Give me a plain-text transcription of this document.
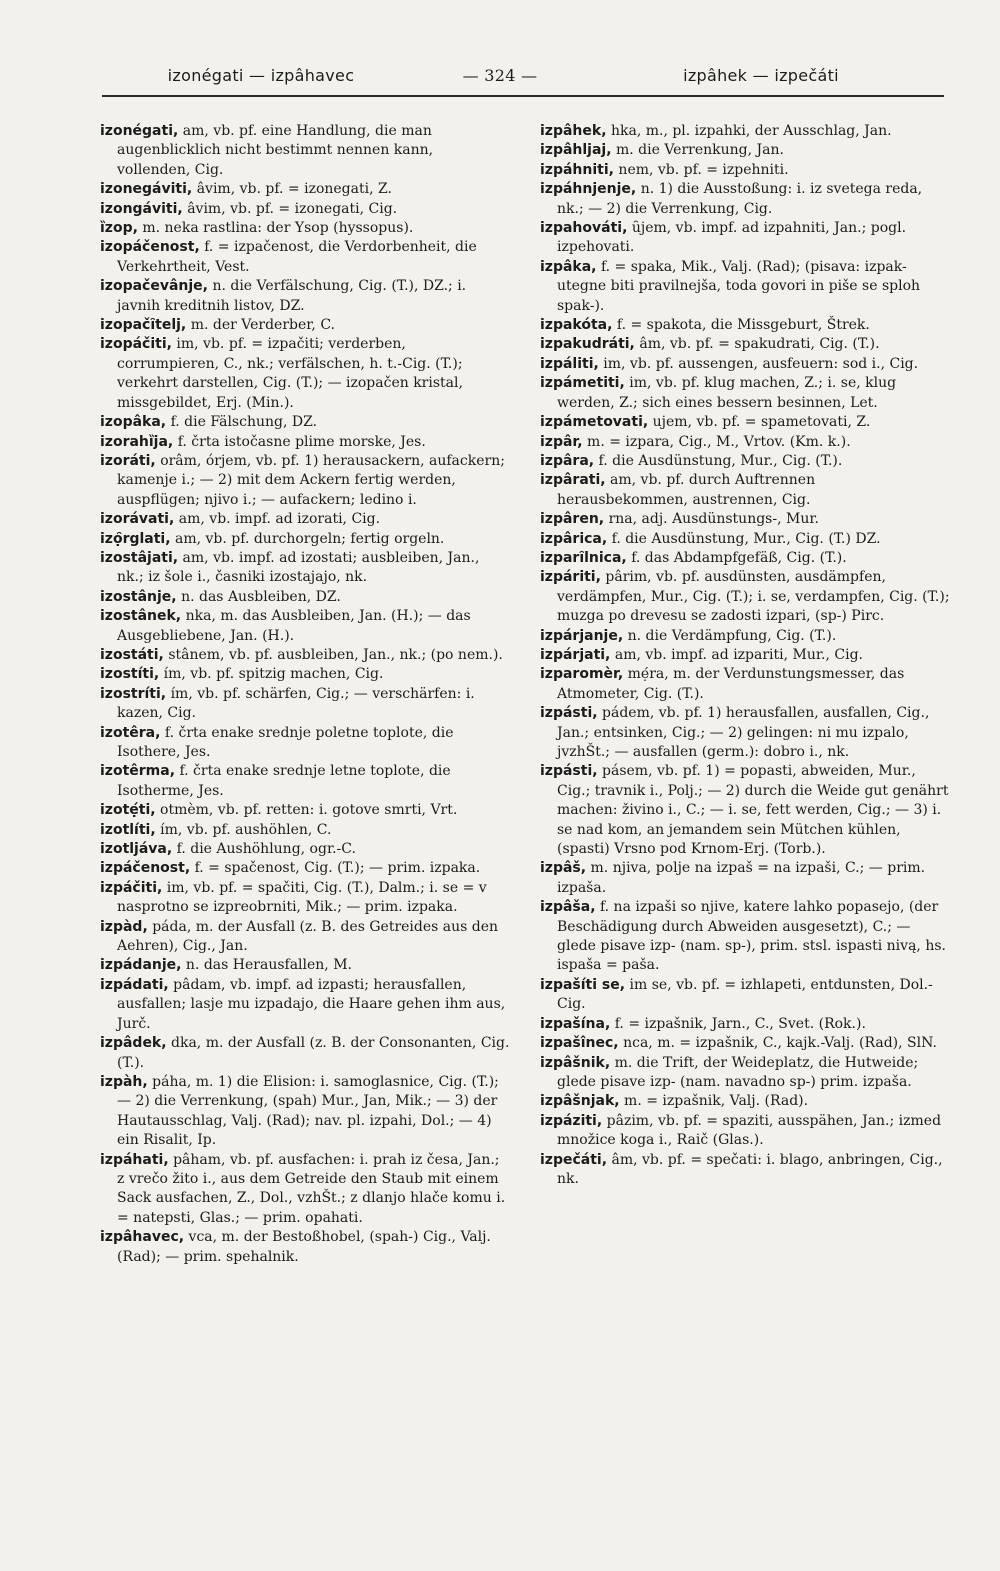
izonégati — izpâhavec	— 324 —	izpâhek — izpečáti

izonégati, am, vb. pf. eine Handlung, die man augenblicklich nicht bestimmt nennen kann, vollenden, Cig.

izonegáviti, âvim, vb. pf. = izonegati, Z.

izongáviti, âvim, vb. pf. = izonegati, Cig.

ȉzop, m. neka rastlina: der Ysop (hyssopus).

izopáčenost, f. = izpačenost, die Verdorbenheit, die Verkehrtheit, Vest.

izopačevânje, n. die Verfälschung, Cig. (T.), DZ.; i. javnih kreditnih listov, DZ.

izopačȋtelj, m. der Verderber, C.

izopáčiti, im, vb. pf. = izpačiti; verderben, corrumpieren, C., nk.; verfälschen, h. t.-Cig. (T.); verkehrt darstellen, Cig. (T.); — izopačen kristal, missgebildet, Erj. (Min.).

izopâka, f. die Fälschung, DZ.

izorahȉja, f. črta istočasne plime morske, Jes.

izoráti, orâm, órjem, vb. pf. 1) herausackern, aufackern; kamenje i.; — 2) mit dem Ackern fertig werden, auspflügen; njivo i.; — aufackern; ledino i.

izorávati, am, vb. impf. ad izorati, Cig.

izọ̑rglati, am, vb. pf. durchorgeln; fertig orgeln.

izostâjati, am, vb. impf. ad izostati; ausbleiben, Jan., nk.; iz šole i., časniki izostajajo, nk.

izostânje, n. das Ausbleiben, DZ.

izostânek, nka, m. das Ausbleiben, Jan. (H.); — das Ausgebliebene, Jan. (H.).

izostáti, stânem, vb. pf. ausbleiben, Jan., nk.; (po nem.).

izostíti, ím, vb. pf. spitzig machen, Cig.

izostríti, ím, vb. pf. schärfen, Cig.; — verschärfen: i. kazen, Cig.

izotêra, f. črta enake srednje poletne toplote, die Isothere, Jes.

izotêrma, f. črta enake srednje letne toplote, die Isotherme, Jes.

izotẹ́ti, otmèm, vb. pf. retten: i. gotove smrti, Vrt.

izotlíti, ím, vb. pf. aushöhlen, C.

izotljáva, f. die Aushöhlung, ogr.-C.

izpáčenost, f. = spačenost, Cig. (T.); — prim. izpaka.

izpáčiti, im, vb. pf. = spačiti, Cig. (T.), Dalm.; i. se = v nasprotno se izpreobrniti, Mik.; — prim. izpaka.

izpàd, páda, m. der Ausfall (z. B. des Getreides aus den Aehren), Cig., Jan.

izpádanje, n. das Herausfallen, M.

izpádati, pâdam, vb. impf. ad izpasti; herausfallen, ausfallen; lasje mu izpadajo, die Haare gehen ihm aus, Jurč.

izpâdek, dka, m. der Ausfall (z. B. der Consonanten, Cig. (T.).

izpàh, páha, m. 1) die Elision: i. samoglasnice, Cig. (T.); — 2) die Verrenkung, (spah) Mur., Jan, Mik.; — 3) der Hautausschlag, Valj. (Rad); nav. pl. izpahi, Dol.; — 4) ein Risalit, Ip.

izpáhati, pâham, vb. pf. ausfachen: i. prah iz česa, Jan.; z vrečo žito i., aus dem Getreide den Staub mit einem Sack ausfachen, Z., Dol., vzhŠt.; z dlanjo hlače komu i. = natepsti, Glas.; — prim. opahati.

izpâhavec, vca, m. der Bestoßhobel, (spah-) Cig., Valj. (Rad); — prim. spehalnik.

izpâhek, hka, m., pl. izpahki, der Ausschlag, Jan.

izpâhljaj, m. die Verrenkung, Jan.

izpáhniti, nem, vb. pf. = izpehniti.

izpáhnjenje, n. 1) die Ausstoßung: i. iz svetega reda, nk.; — 2) die Verrenkung, Cig.

izpahováti, ȗjem, vb. impf. ad izpahniti, Jan.; pogl. izpehovati.

izpâka, f. = spaka, Mik., Valj. (Rad); (pisava: izpak- utegne biti pravilnejša, toda govori in piše se sploh spak-).

izpakóta, f. = spakota, die Missgeburt, Štrek.

izpakudráti, âm, vb. pf. = spakudrati, Cig. (T.).

izpáliti, im, vb. pf. aussengen, ausfeuern: sod i., Cig.

izpámetiti, im, vb. pf. klug machen, Z.; i. se, klug werden, Z.; sich eines bessern besinnen, Let.

izpámetovati, ujem, vb. pf. = spametovati, Z.

izpâr, m. = izpara, Cig., M., Vrtov. (Km. k.).

izpâra, f. die Ausdünstung, Mur., Cig. (T.).

izpârati, am, vb. pf. durch Auftrennen herausbekommen, austrennen, Cig.

izpâren, rna, adj. Ausdünstungs-, Mur.

izpârica, f. die Ausdünstung, Mur., Cig. (T.) DZ.

izparȋlnica, f. das Abdampfgefäß, Cig. (T.).

izpáriti, pârim, vb. pf. ausdünsten, ausdämpfen, verdämpfen, Mur., Cig. (T.); i. se, verdampfen, Cig. (T.); muzga po drevesu se zadosti izpari, (sp-) Pirc.

izpárjanje, n. die Verdämpfung, Cig. (T.).

izpárjati, am, vb. impf. ad izpariti, Mur., Cig.

izparomèr, mẹ́ra, m. der Verdunstungsmesser, das Atmometer, Cig. (T.).

izpásti, pádem, vb. pf. 1) herausfallen, ausfallen, Cig., Jan.; entsinken, Cig.; — 2) gelingen: ni mu izpalo, jvzhŠt.; — ausfallen (germ.): dobro i., nk.

izpásti, pásem, vb. pf. 1) = popasti, abweiden, Mur., Cig.; travnik i., Polj.; — 2) durch die Weide gut genährt machen: živino i., C.; — i. se, fett werden, Cig.; — 3) i. se nad kom, an jemandem sein Mütchen kühlen, (spasti) Vrsno pod Krnom-Erj. (Torb.).

izpâš, m. njiva, polje na izpaš = na izpaši, C.; — prim. izpaša.

izpâša, f. na izpaši so njive, katere lahko popasejo, (der Beschädigung durch Abweiden ausgesetzt), C.; — glede pisave izp- (nam. sp-), prim. stsl. ispasti nivą, hs. ispaša = paša.

izpašíti se, im se, vb. pf. = izhlapeti, entdunsten, Dol.-Cig.

izpašína, f. = izpašnik, Jarn., C., Svet. (Rok.).

izpašînec, nca, m. = izpašnik, C., kajk.-Valj. (Rad), SlN.

izpâšnik, m. die Trift, der Weideplatz, die Hutweide; glede pisave izp- (nam. navadno sp-) prim. izpaša.

izpâšnjak, m. = izpašnik, Valj. (Rad).

izpáziti, pâzim, vb. pf. = spaziti, ausspähen, Jan.; izmed množice koga i., Raič (Glas.).

izpečáti, âm, vb. pf. = spečati: i. blago, anbringen, Cig., nk.
